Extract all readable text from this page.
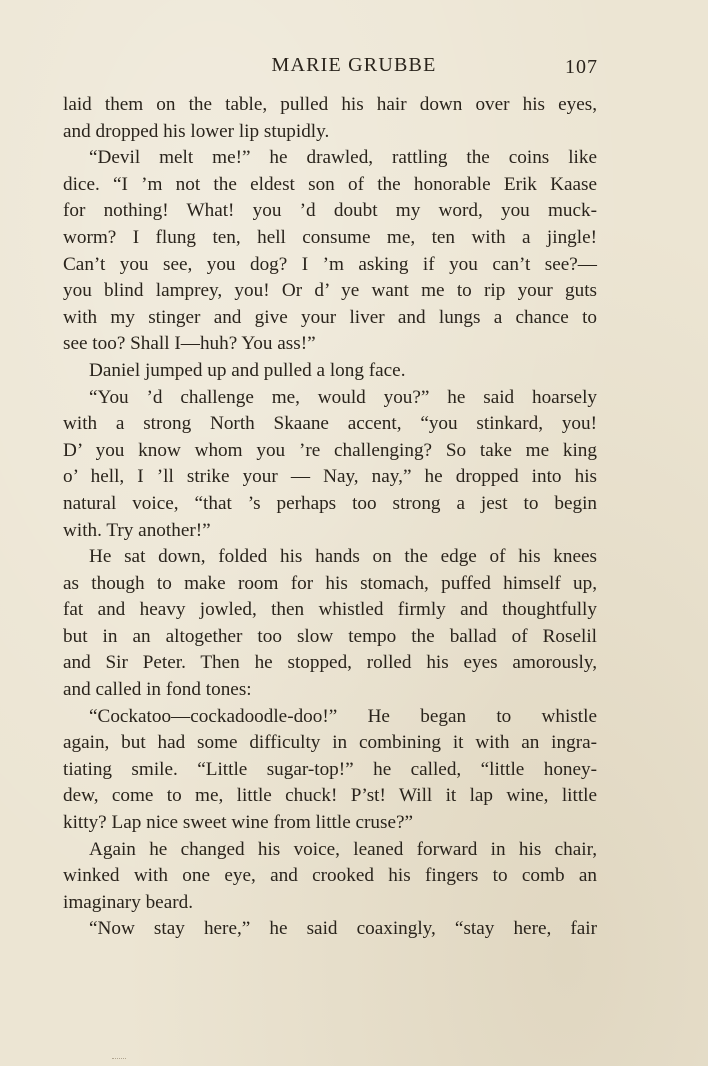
MARIE GRUBBE	107
laid them on the table, pulled his hair down over his eyes,
and dropped his lower lip stupidly.
“Devil melt me!” he drawled, rattling the coins like
dice. “I ’m not the eldest son of the honorable Erik Kaase
for nothing! What! you ’d doubt my word, you muck-
worm? I flung ten, hell consume me, ten with a jingle!
Can’t you see, you dog? I ’m asking if you can’t see?—
you blind lamprey, you! Or d’ ye want me to rip your guts
with my stinger and give your liver and lungs a chance to
see too? Shall I—huh? You ass!”
Daniel jumped up and pulled a long face.
“You ’d challenge me, would you?” he said hoarsely
with a strong North Skaane accent, “you stinkard, you!
D’ you know whom you ’re challenging? So take me king
o’ hell, I ’ll strike your — Nay, nay,” he dropped into his
natural voice, “that ’s perhaps too strong a jest to begin
with. Try another!”
He sat down, folded his hands on the edge of his knees
as though to make room for his stomach, puffed himself up,
fat and heavy jowled, then whistled firmly and thoughtfully
but in an altogether too slow tempo the ballad of Roselil
and Sir Peter. Then he stopped, rolled his eyes amorously,
and called in fond tones:
“Cockatoo—cockadoodle-doo!” He began to whistle
again, but had some difficulty in combining it with an ingra-
tiating smile. “Little sugar-top!” he called, “little honey-
dew, come to me, little chuck! P’st! Will it lap wine, little
kitty? Lap nice sweet wine from little cruse?”
Again he changed his voice, leaned forward in his chair,
winked with one eye, and crooked his fingers to comb an
imaginary beard.
“Now stay here,” he said coaxingly, “stay here, fair
